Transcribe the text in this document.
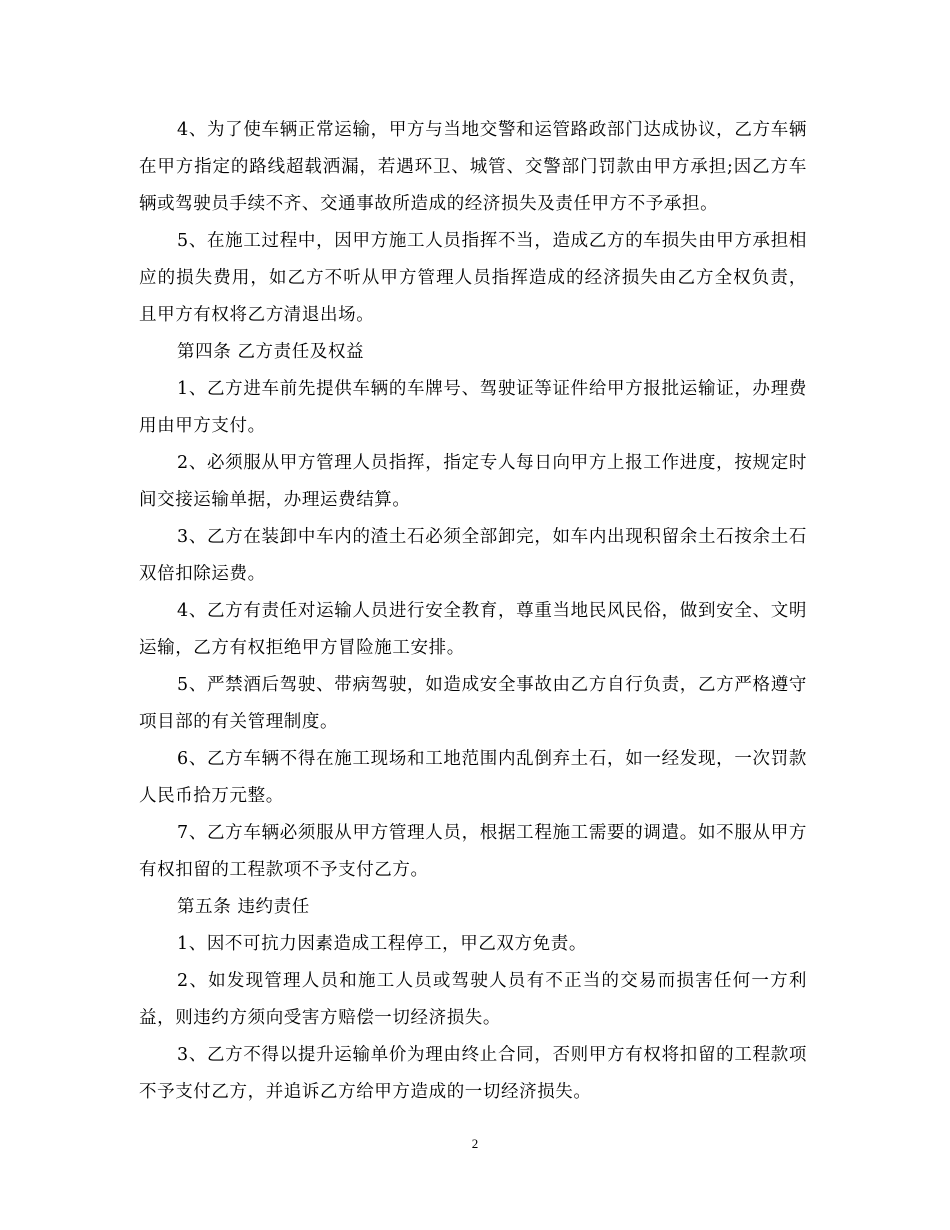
4、为了使车辆正常运输，甲方与当地交警和运管路政部门达成协议，乙方车辆在甲方指定的路线超载洒漏，若遇环卫、城管、交警部门罚款由甲方承担;因乙方车辆或驾驶员手续不齐、交通事故所造成的经济损失及责任甲方不予承担。

5、在施工过程中，因甲方施工人员指挥不当，造成乙方的车损失由甲方承担相应的损失费用，如乙方不听从甲方管理人员指挥造成的经济损失由乙方全权负责，且甲方有权将乙方清退出场。

第四条 乙方责任及权益

1、乙方进车前先提供车辆的车牌号、驾驶证等证件给甲方报批运输证，办理费用由甲方支付。

2、必须服从甲方管理人员指挥，指定专人每日向甲方上报工作进度，按规定时间交接运输单据，办理运费结算。

3、乙方在装卸中车内的渣土石必须全部卸完，如车内出现积留余土石按余土石双倍扣除运费。

4、乙方有责任对运输人员进行安全教育，尊重当地民风民俗，做到安全、文明运输，乙方有权拒绝甲方冒险施工安排。

5、严禁酒后驾驶、带病驾驶，如造成安全事故由乙方自行负责，乙方严格遵守项目部的有关管理制度。

6、乙方车辆不得在施工现场和工地范围内乱倒弃土石，如一经发现，一次罚款人民币拾万元整。

7、乙方车辆必须服从甲方管理人员，根据工程施工需要的调遣。如不服从甲方有权扣留的工程款项不予支付乙方。

第五条 违约责任

1、因不可抗力因素造成工程停工，甲乙双方免责。

2、如发现管理人员和施工人员或驾驶人员有不正当的交易而损害任何一方利益，则违约方须向受害方赔偿一切经济损失。

3、乙方不得以提升运输单价为理由终止合同，否则甲方有权将扣留的工程款项不予支付乙方，并追诉乙方给甲方造成的一切经济损失。

2
